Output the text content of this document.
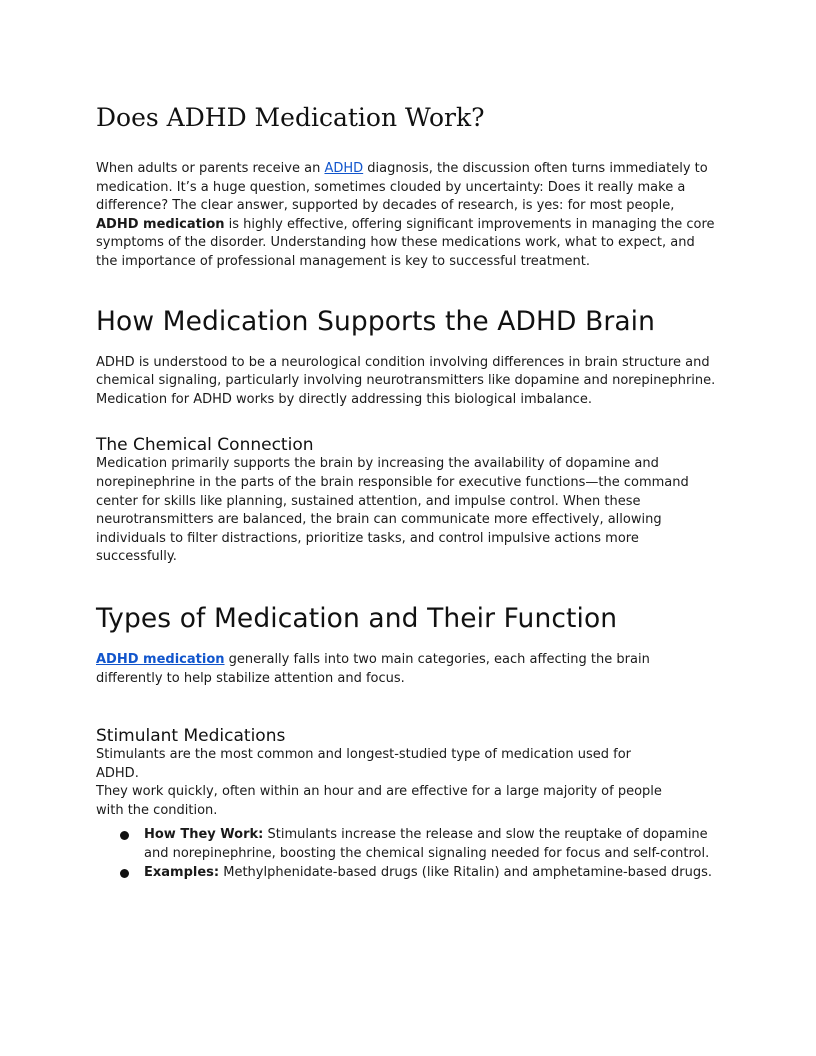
Does ADHD Medication Work?

When adults or parents receive an ADHD diagnosis, the discussion often turns immediately to medication. It’s a huge question, sometimes clouded by uncertainty: Does it really make a difference? The clear answer, supported by decades of research, is yes: for most people, ADHD medication is highly effective, offering significant improvements in managing the core symptoms of the disorder. Understanding how these medications work, what to expect, and the importance of professional management is key to successful treatment.

How Medication Supports the ADHD Brain

ADHD is understood to be a neurological condition involving differences in brain structure and chemical signaling, particularly involving neurotransmitters like dopamine and norepinephrine. Medication for ADHD works by directly addressing this biological imbalance.

The Chemical Connection

Medication primarily supports the brain by increasing the availability of dopamine and norepinephrine in the parts of the brain responsible for executive functions—the command center for skills like planning, sustained attention, and impulse control. When these neurotransmitters are balanced, the brain can communicate more effectively, allowing individuals to filter distractions, prioritize tasks, and control impulsive actions more successfully.

Types of Medication and Their Function

ADHD medication generally falls into two main categories, each affecting the brain differently to help stabilize attention and focus.

Stimulant Medications

Stimulants are the most common and longest-studied type of medication used for ADHD.

They work quickly, often within an hour and are effective for a large majority of people with the condition.

How They Work: Stimulants increase the release and slow the reuptake of dopamine and norepinephrine, boosting the chemical signaling needed for focus and self-control.
Examples: Methylphenidate-based drugs (like Ritalin) and amphetamine-based drugs.
